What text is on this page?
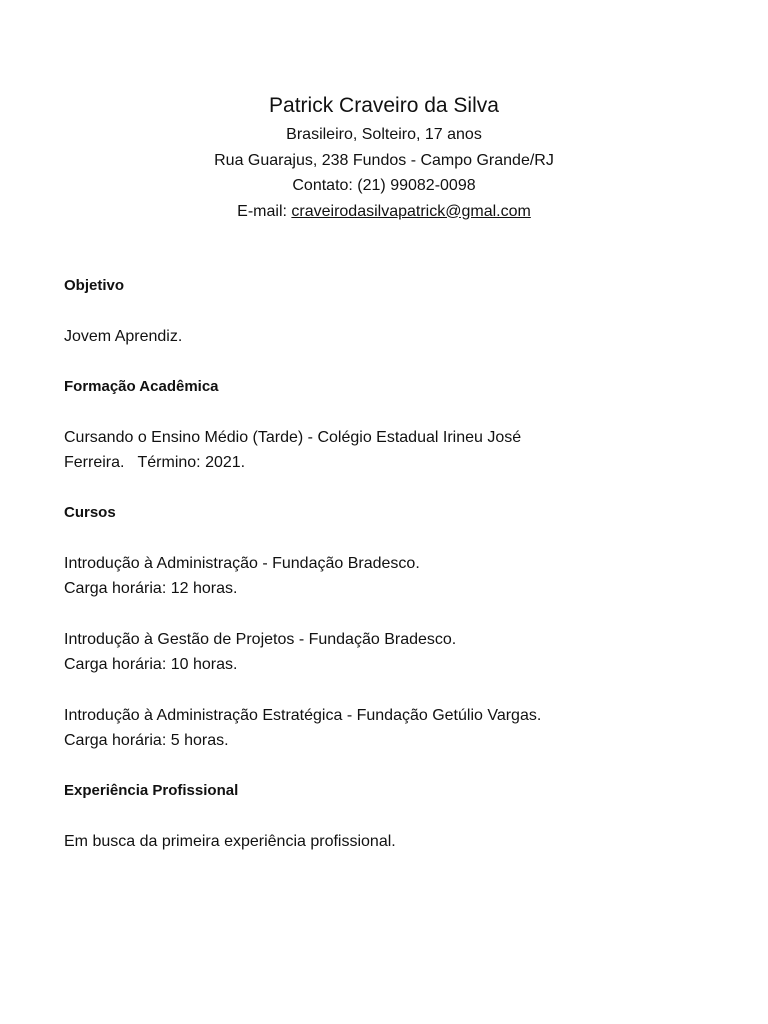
Patrick Craveiro da Silva
Brasileiro, Solteiro, 17 anos
Rua Guarajus, 238 Fundos - Campo Grande/RJ
Contato: (21) 99082-0098
E-mail: craveirodasilvapatrick@gmal.com
Objetivo
Jovem Aprendiz.
Formação Acadêmica
Cursando o Ensino Médio (Tarde) - Colégio Estadual Irineu José
Ferreira.   Término: 2021.
Cursos
Introdução à Administração - Fundação Bradesco.
Carga horária: 12 horas.
Introdução à Gestão de Projetos - Fundação Bradesco.
Carga horária: 10 horas.
Introdução à Administração Estratégica - Fundação Getúlio Vargas.
Carga horária: 5 horas.
Experiência Profissional
Em busca da primeira experiência profissional.
